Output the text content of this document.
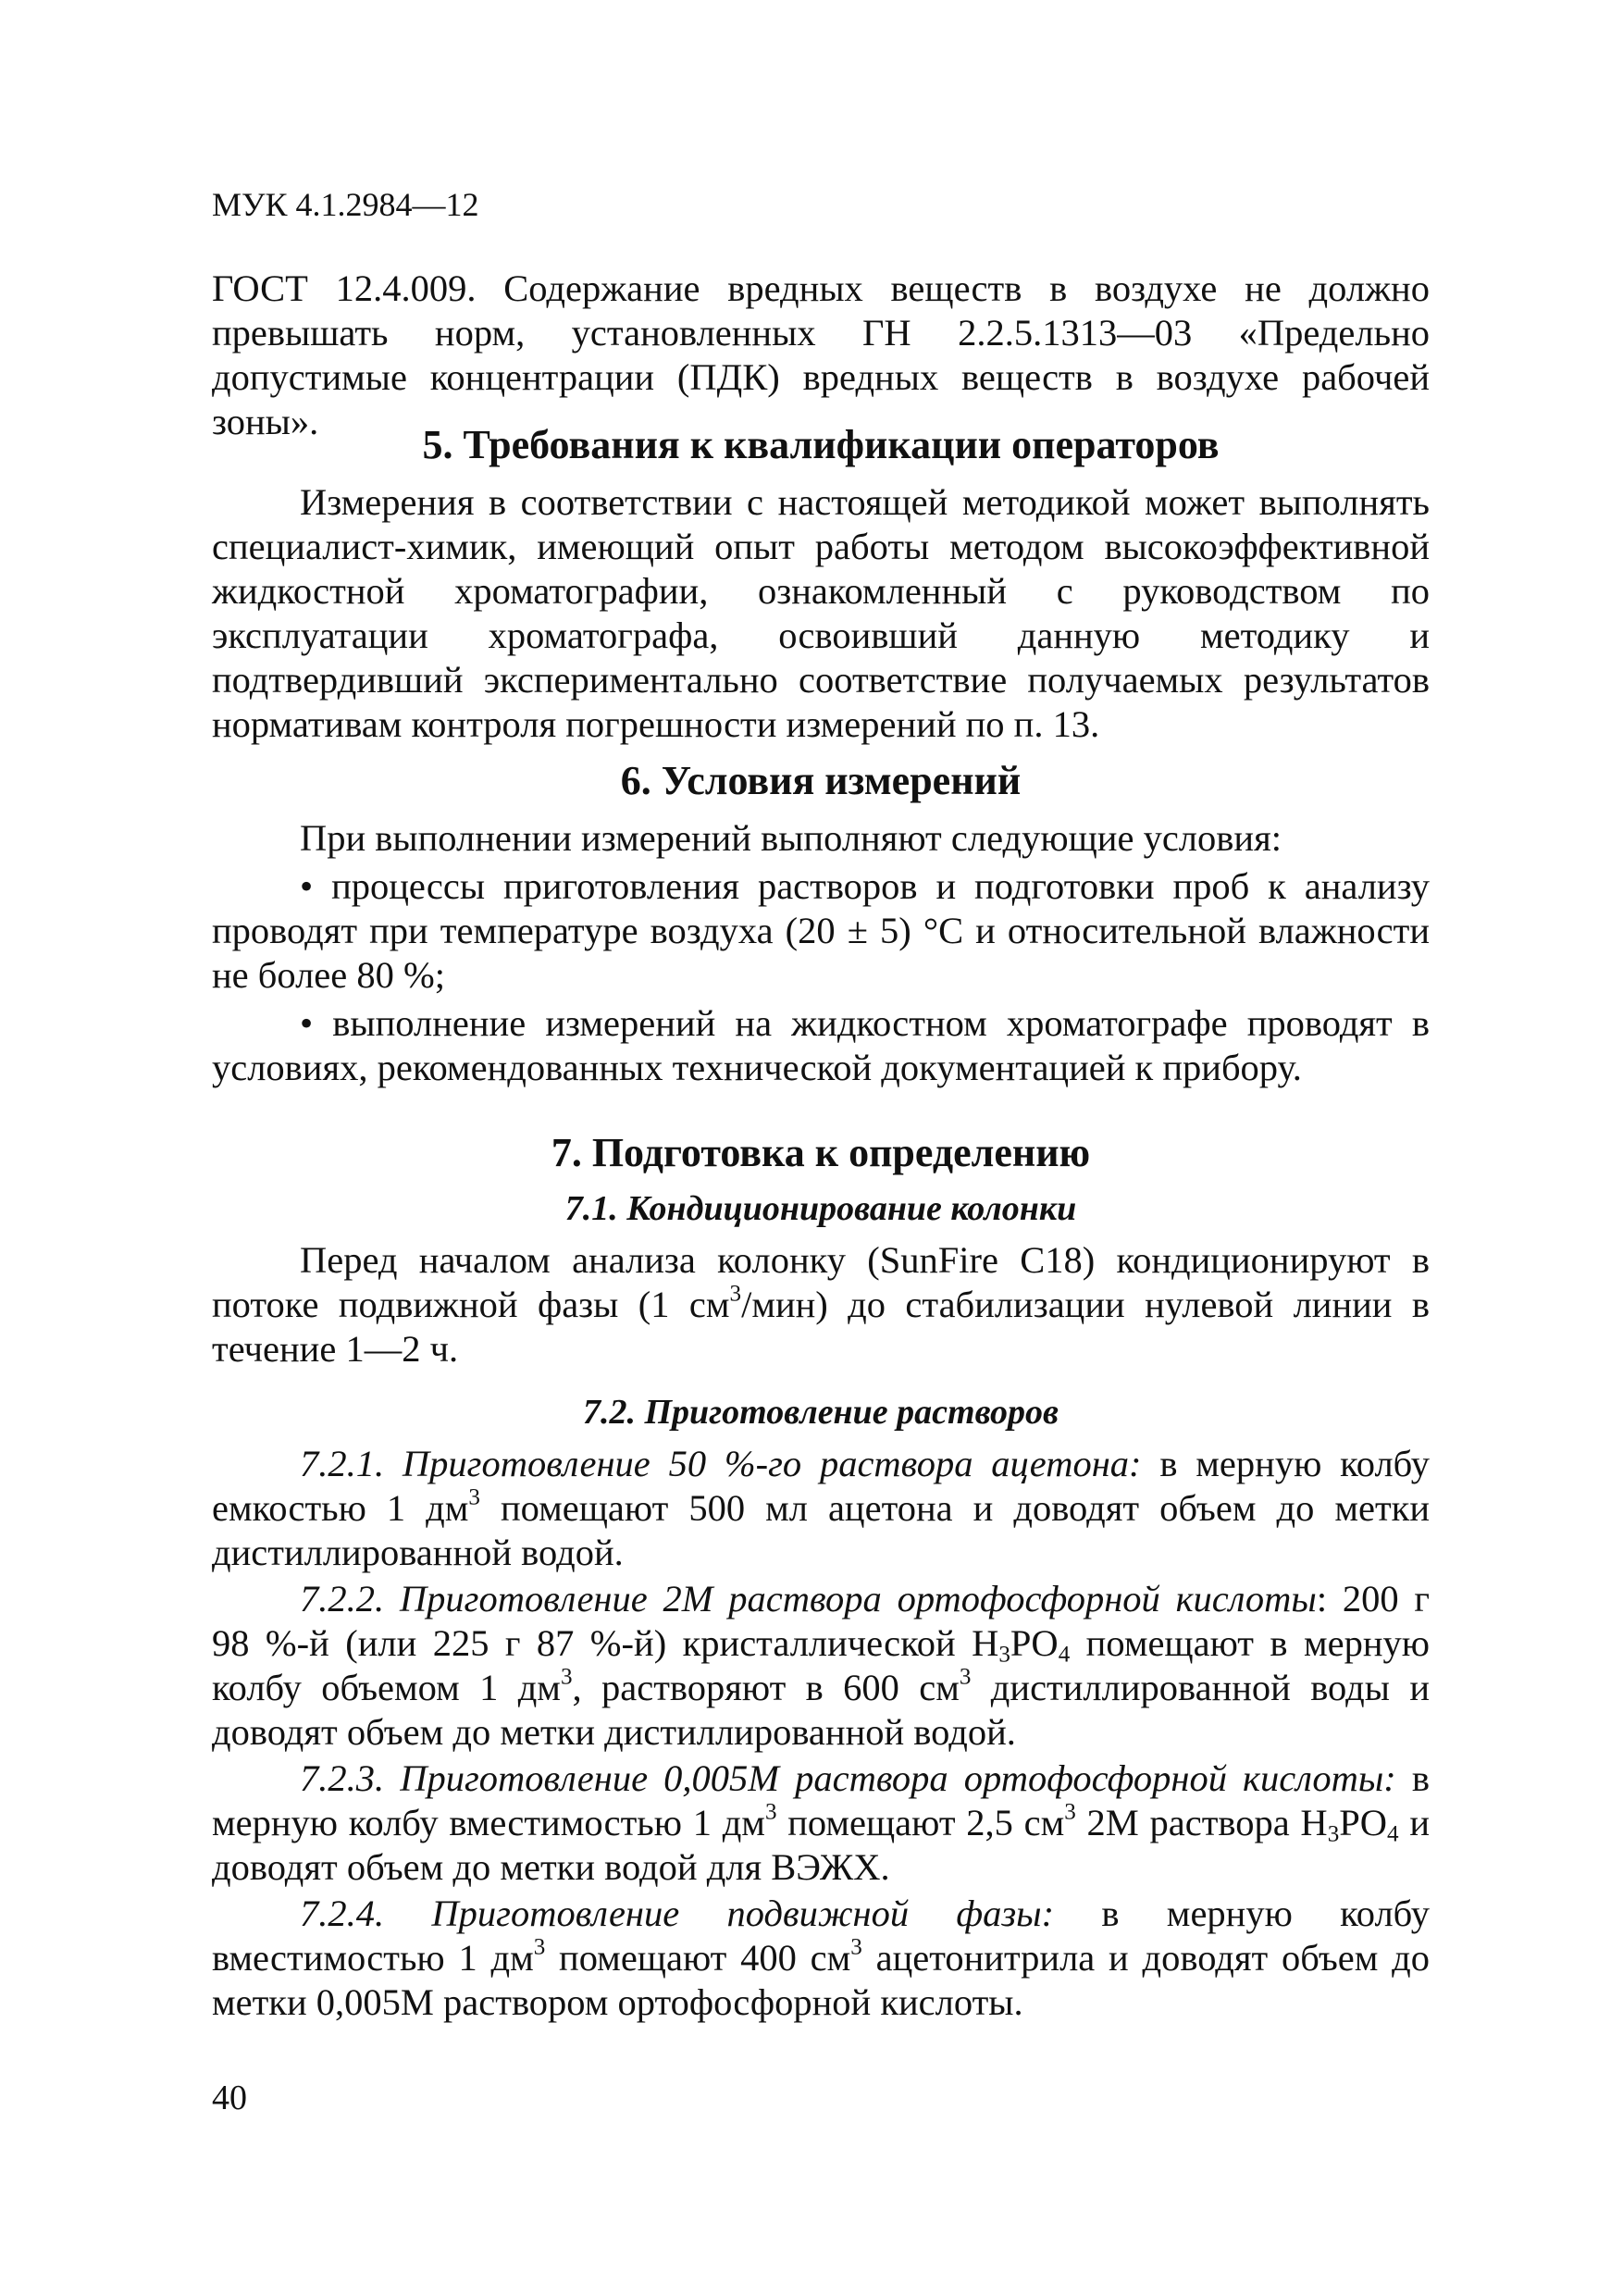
МУК 4.1.2984—12

ГОСТ 12.4.009. Содержание вредных веществ в воздухе не должно превышать норм, установленных ГН 2.2.5.1313—03 «Предельно допустимые концентрации (ПДК) вредных веществ в воздухе рабочей зоны».

5. Требования к квалификации операторов

Измерения в соответствии с настоящей методикой может выполнять специалист-химик, имеющий опыт работы методом высокоэффективной жидкостной хроматографии, ознакомленный с руководством по эксплуатации хроматографа, освоивший данную методику и подтвердивший экспериментально соответствие получаемых результатов нормативам контроля погрешности измерений по п. 13.

6. Условия измерений

При выполнении измерений выполняют следующие условия:

• процессы приготовления растворов и подготовки проб к анализу проводят при температуре воздуха (20 ± 5) °С и относительной влажности не более 80 %;

• выполнение измерений на жидкостном хроматографе проводят в условиях, рекомендованных технической документацией к прибору.

7. Подготовка к определению
7.1. Кондиционирование колонки

Перед началом анализа колонку (SunFire C18) кондиционируют в потоке подвижной фазы (1 $см^3/мин$) до стабилизации нулевой линии в течение 1—2 ч.

7.2. Приготовление растворов

7.2.1. Приготовление 50 %-го раствора ацетона: в мерную колбу емкостью 1 $дм^3$ помещают 500 мл ацетона и доводят объем до метки дистиллированной водой.

7.2.2. Приготовление 2М раствора ортофосфорной кислоты: 200 г 98 %-й (или 225 г 87 %-й) кристаллической $H_3PO_4$ помещают в мерную колбу объемом 1 $дм^3$, растворяют в 600 $см^3$ дистиллированной воды и доводят объем до метки дистиллированной водой.

7.2.3. Приготовление 0,005М раствора ортофосфорной кислоты: в мерную колбу вместимостью 1 $дм^3$ помещают 2,5 $см^3$ 2М раствора $H_3PO_4$ и доводят объем до метки водой для ВЭЖХ.

7.2.4. Приготовление подвижной фазы: в мерную колбу вместимостью 1 $дм^3$ помещают 400 $см^3$ ацетонитрила и доводят объем до метки 0,005М раствором ортофосфорной кислоты.

40
